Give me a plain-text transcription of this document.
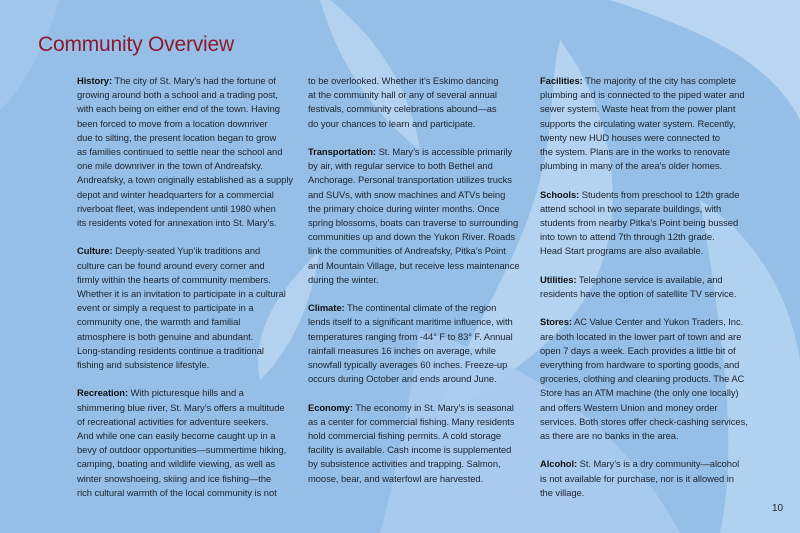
Community Overview
History: The city of St. Mary’s had the fortune of
growing around both a school and a trading post,
with each being on either end of the town. Having
been forced to move from a location downriver
due to silting, the present location began to grow
as families continued to settle near the school and
one mile downriver in the town of Andreafsky.
Andreafsky, a town originally established as a supply
depot and winter headquarters for a commercial
riverboat fleet, was independent until 1980 when
its residents voted for annexation into St. Mary’s.
Culture: Deeply-seated Yup’ik traditions and
culture can be found around every corner and
firmly within the hearts of community members.
Whether it is an invitation to participate in a cultural
event or simply a request to participate in a
community one, the warmth and familial
atmosphere is both genuine and abundant.
Long-standing residents continue a traditional
fishing and subsistence lifestyle.
Recreation: With picturesque hills and a
shimmering blue river, St. Mary’s offers a multitude
of recreational activities for adventure seekers.
And while one can easily become caught up in a
bevy of outdoor opportunities—summertime hiking,
camping, boating and wildlife viewing, as well as
winter snowshoeing, skiing and ice fishing—the
rich cultural warmth of the local community is not
to be overlooked. Whether it’s Eskimo dancing
at the community hall or any of several annual
festivals, community celebrations abound—as
do your chances to learn and participate.
Transportation: St. Mary’s is accessible primarily
by air, with regular service to both Bethel and
Anchorage. Personal transportation utilizes trucks
and SUVs, with snow machines and ATVs being
the primary choice during winter months. Once
spring blossoms, boats can traverse to surrounding
communities up and down the Yukon River. Roads
link the communities of Andreafsky, Pitka’s Point
and Mountain Village, but receive less maintenance
during the winter.
Climate: The continental climate of the region
lends itself to a significant maritime influence, with
temperatures ranging from -44° F to 83° F. Annual
rainfall measures 16 inches on average, while
snowfall typically averages 60 inches. Freeze-up
occurs during October and ends around June.
Economy: The economy in St. Mary’s is seasonal
as a center for commercial fishing. Many residents
hold commercial fishing permits. A cold storage
facility is available. Cash income is supplemented
by subsistence activities and trapping. Salmon,
moose, bear, and waterfowl are harvested.
Facilities: The majority of the city has complete
plumbing and is connected to the piped water and
sewer system. Waste heat from the power plant
supports the circulating water system. Recently,
twenty new HUD houses were connected to
the system. Plans are in the works to renovate
plumbing in many of the area’s older homes.
Schools: Students from preschool to 12th grade
attend school in two separate buildings, with
students from nearby Pitka’s Point being bussed
into town to attend 7th through 12th grade.
Head Start programs are also available.
Utilities: Telephone service is available, and
residents have the option of satellite TV service.
Stores: AC Value Center and Yukon Traders, Inc.
are both located in the lower part of town and are
open 7 days a week. Each provides a little bit of
everything from hardware to sporting goods, and
groceries, clothing and cleaning products. The AC
Store has an ATM machine (the only one locally)
and offers Western Union and money order
services. Both stores offer check-cashing services,
as there are no banks in the area.
Alcohol: St. Mary’s is a dry community—alcohol
is not available for purchase, nor is it allowed in
the village.
10
